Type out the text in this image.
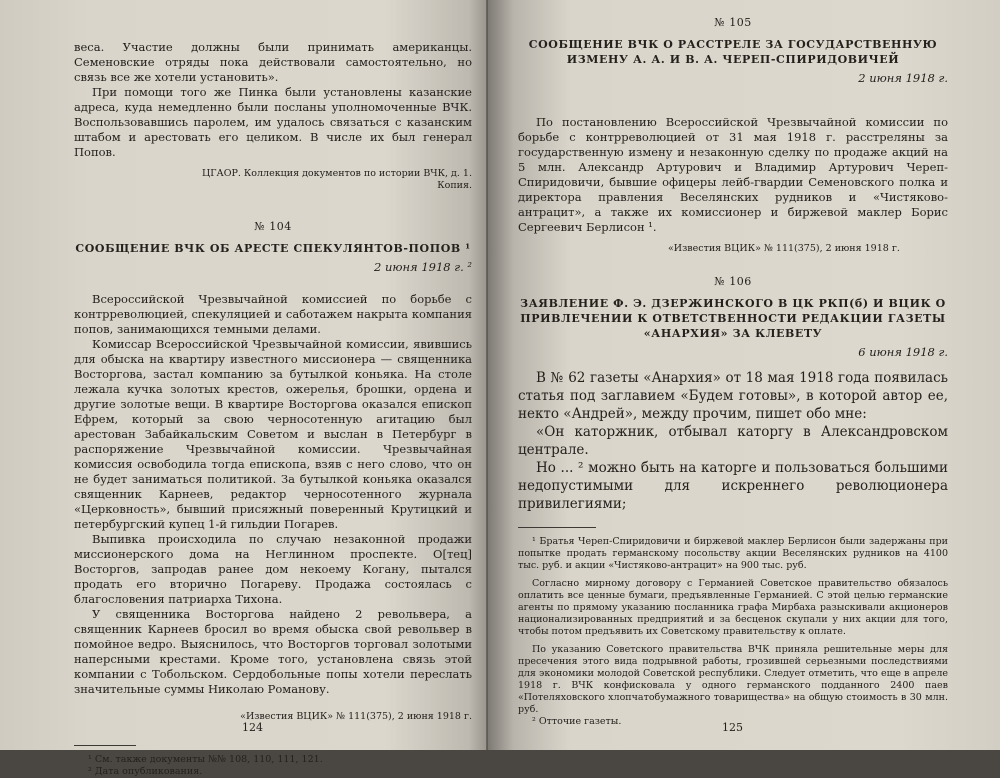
веса. Участие должны были принимать американцы. Семеновские отряды пока действовали самостоятельно, но связь все же хотели установить».

При помощи того же Пинка были установлены казанские адреса, куда немедленно были посланы уполномоченные ВЧК. Воспользовавшись паролем, им удалось связаться с казанским штабом и арестовать его целиком. В числе их был генерал Попов.

ЦГАОР. Коллекция документов по истории ВЧК, д. 1. Копия.
№ 104
СООБЩЕНИЕ ВЧК ОБ АРЕСТЕ СПЕКУЛЯНТОВ-ПОПОВ ¹
2 июня 1918 г. ²

Всероссийской Чрезвычайной комиссией по борьбе с контрреволюцией, спекуляцией и саботажем накрыта компания попов, занимающихся темными делами.

Комиссар Всероссийской Чрезвычайной комиссии, явившись для обыска на квартиру известного миссионера — священника Восторгова, застал компанию за бутылкой коньяка. На столе лежала кучка золотых крестов, ожерелья, брошки, ордена и другие золотые вещи. В квартире Восторгова оказался епископ Ефрем, который за свою черносотенную агитацию был арестован Забайкальским Советом и выслан в Петербург в распоряжение Чрезвычайной комиссии. Чрезвычайная комиссия освободила тогда епископа, взяв с него слово, что он не будет заниматься политикой. За бутылкой коньяка оказался священник Карнеев, редактор черносотенного журнала «Церковность», бывший присяжный поверенный Крутицкий и петербургский купец 1-й гильдии Погарев.

Выпивка происходила по случаю незаконной продажи миссионерского дома на Неглинном проспекте. О[тец] Восторгов, запродав ранее дом некоему Когану, пытался продать его вторично Погареву. Продажа состоялась с благословения патриарха Тихона.

У священника Восторгова найдено 2 револьвера, а священник Карнеев бросил во время обыска свой револьвер в помойное ведро. Выяснилось, что Восторгов торговал золотыми наперсными крестами. Кроме того, установлена связь этой компании с Тобольском. Сердобольные попы хотели переслать значительные суммы Николаю Романову.

«Известия ВЦИК» № 111(375), 2 июня 1918 г.
¹ См. также документы №№ 108, 110, 111, 121.
² Дата опубликования.
124
№ 105
СООБЩЕНИЕ ВЧК О РАССТРЕЛЕ ЗА ГОСУДАРСТВЕННУЮ ИЗМЕНУ А. А. И В. А. ЧЕРЕП-СПИРИДОВИЧЕЙ
2 июня 1918 г.

По постановлению Всероссийской Чрезвычайной комиссии по борьбе с контрреволюцией от 31 мая 1918 г. расстреляны за государственную измену и незаконную сделку по продаже акций на 5 млн. Александр Артурович и Владимир Артурович Череп-Спиридовичи, бывшие офицеры лейб-гвардии Семеновского полка и директора правления Веселянских рудников и «Чистяково-антрацит», а также их комиссионер и биржевой маклер Борис Сергеевич Берлисон ¹.

«Известия ВЦИК» № 111(375), 2 июня 1918 г.
№ 106
ЗАЯВЛЕНИЕ Ф. Э. ДЗЕРЖИНСКОГО В ЦК РКП(б) И ВЦИК О ПРИВЛЕЧЕНИИ К ОТВЕТСТВЕННОСТИ РЕДАКЦИИ ГАЗЕТЫ «АНАРХИЯ» ЗА КЛЕВЕТУ
6 июня 1918 г.

В № 62 газеты «Анархия» от 18 мая 1918 года появилась статья под заглавием «Будем готовы», в которой автор ее, некто «Андрей», между прочим, пишет обо мне:

«Он каторжник, отбывал каторгу в Александровском централе.

Но ... ² можно быть на каторге и пользоваться большими недопустимыми для искреннего революционера привилегиями;

¹ Братья Череп-Спиридовичи и биржевой маклер Берлисон были задержаны при попытке продать германскому посольству акции Веселянских рудников на 4100 тыс. руб. и акции «Чистяково-антрацит» на 900 тыс. руб.
Согласно мирному договору с Германией Советское правительство обязалось оплатить все ценные бумаги, предъявленные Германией. С этой целью германские агенты по прямому указанию посланника графа Мирбаха разыскивали акционеров национализированных предприятий и за бесценок скупали у них акции для того, чтобы потом предъявить их Советскому правительству к оплате.
По указанию Советского правительства ВЧК приняла решительные меры для пресечения этого вида подрывной работы, грозившей серьезными последствиями для экономики молодой Советской республики. Следует отметить, что еще в апреле 1918 г. ВЧК конфисковала у одного германского подданного 2400 паев «Потеляховского хлопчатобумажного товарищества» на общую стоимость в 30 млн. руб.
² Отточие газеты.	125
